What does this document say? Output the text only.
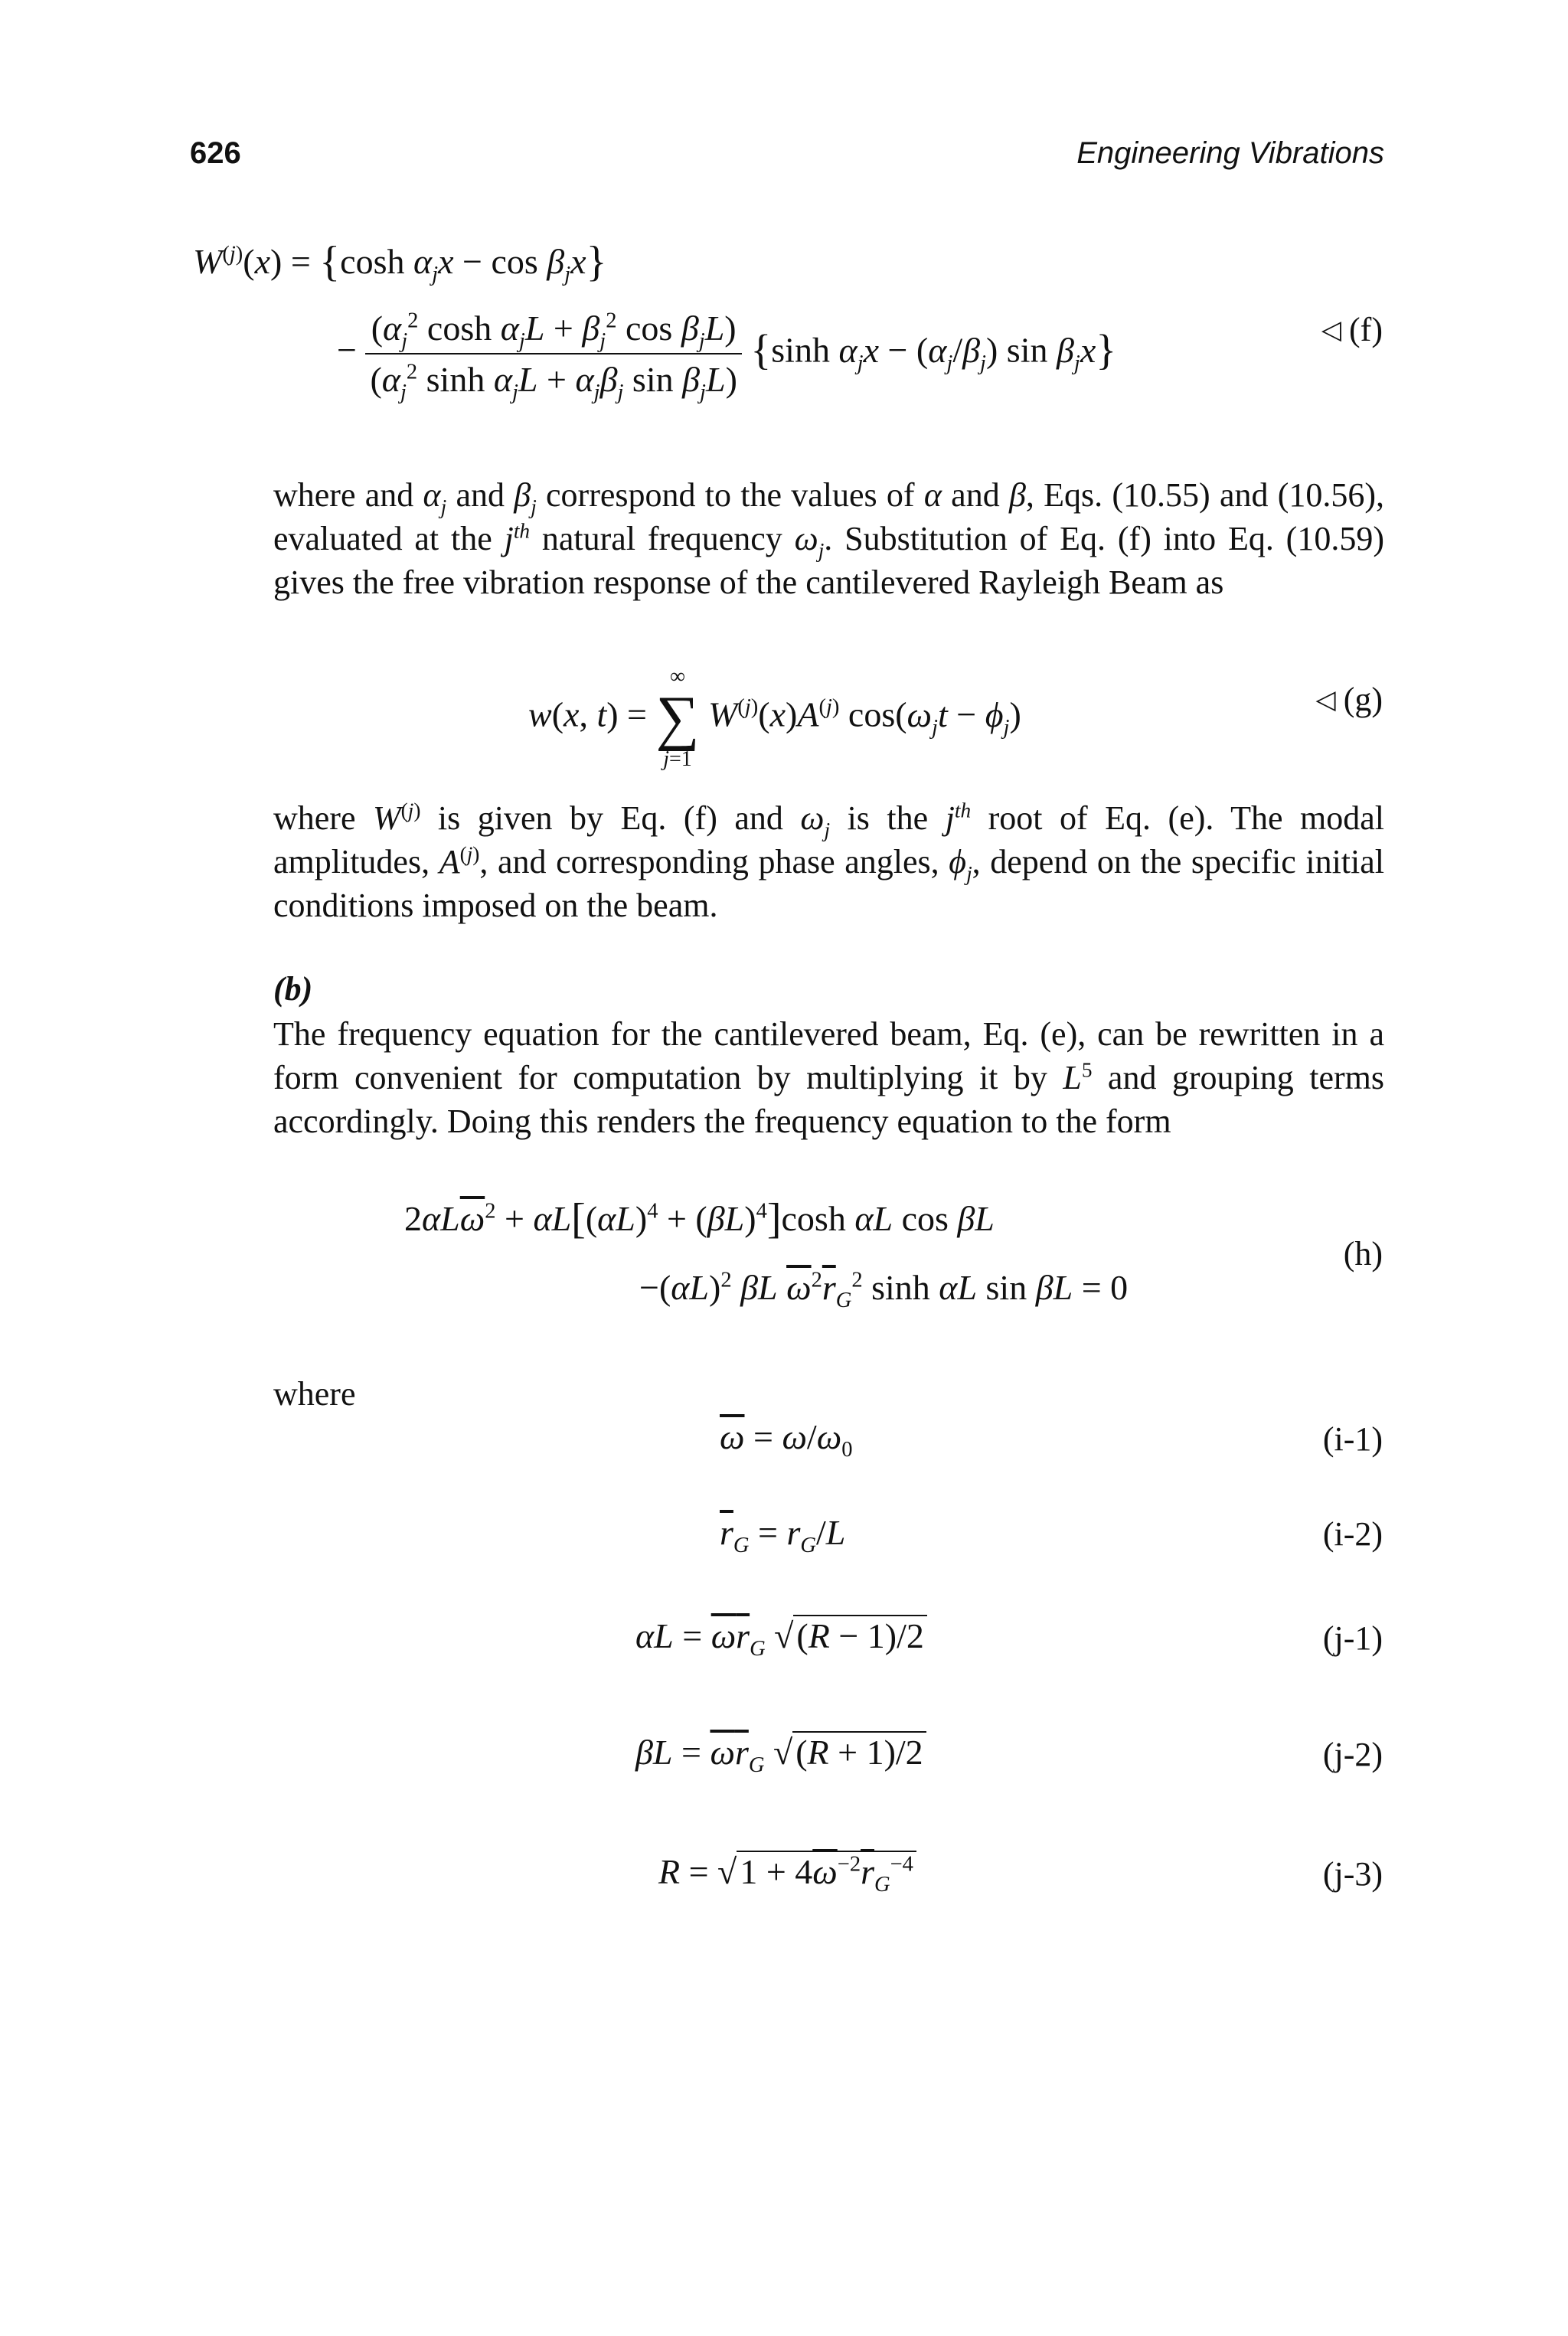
626	Engineering Vibrations
$W^{(j)}(x) = \{\cosh$ $\alpha_jx - \cos \beta_jx$}
− $\frac{(\alpha_j^2 \cosh \alpha_jL + \beta_j^2 \cos \beta_jL)}{(\alpha_j^2 \sinh \alpha_jL + \alpha_j\beta_j \sin \beta_jL)} \{\sinh$ $\alpha_jx - (\alpha_j/\beta_j)$ $\sin \beta_jx$}	◁ (f)
where and $\alpha_j$ and $\beta_j$ correspond to the values of α and β, Eqs. (10.55) and (10.56), evaluated at the $j^{th}$ natural frequency $\omega_j$. Substitution of Eq. (f) into Eq. (10.59) gives the free vibration response of the cantilevered Rayleigh Beam as
w(x, t) =
∞
∑
j=1
$W^{(j)}(x)A^{(j)}$ $\cos(\omega_jt - \phi_j)$	◁ (g)
where $W^{(j)}$ is given by Eq. (f) and $\omega_j$ is the $j^{th}$ root of Eq. (e). The modal amplitudes, $A^{(j)}$, and corresponding phase angles, $\phi_j$, depend on the specific initial conditions imposed on the beam.
(b)
The frequency equation for the cantilevered beam, Eq. (e), can be rewritten in a form convenient for computation by multiplying it by $L^5$ and grouping terms accordingly. Doing this renders the frequency equation to the form
$2\alpha L\overline{\omega}^2 + \alpha L[(\alpha L)^4 + (\beta L)^4]\cosh$ αL cos βL
$-(\alpha L)^2$ βL $\overline{\omega}^2\overline{r}_G^2$ sinh αL sin βL = 0
(h)
where
$\overline{\omega} = \omega/\omega_0$	(i-1)
$\overline{r}_G = r_G/L$	(i-2)
$\alpha L = \overline{\omega}\overline{r}_G$ √(R − 1)/2	(j-1)
$\beta L = \overline{\omega}\overline{r}_G$ √(R + 1)/2	(j-2)
$R = √1 + 4\overline{\omega}^{-2}\overline{r}_G^{-4}$	(j-3)
